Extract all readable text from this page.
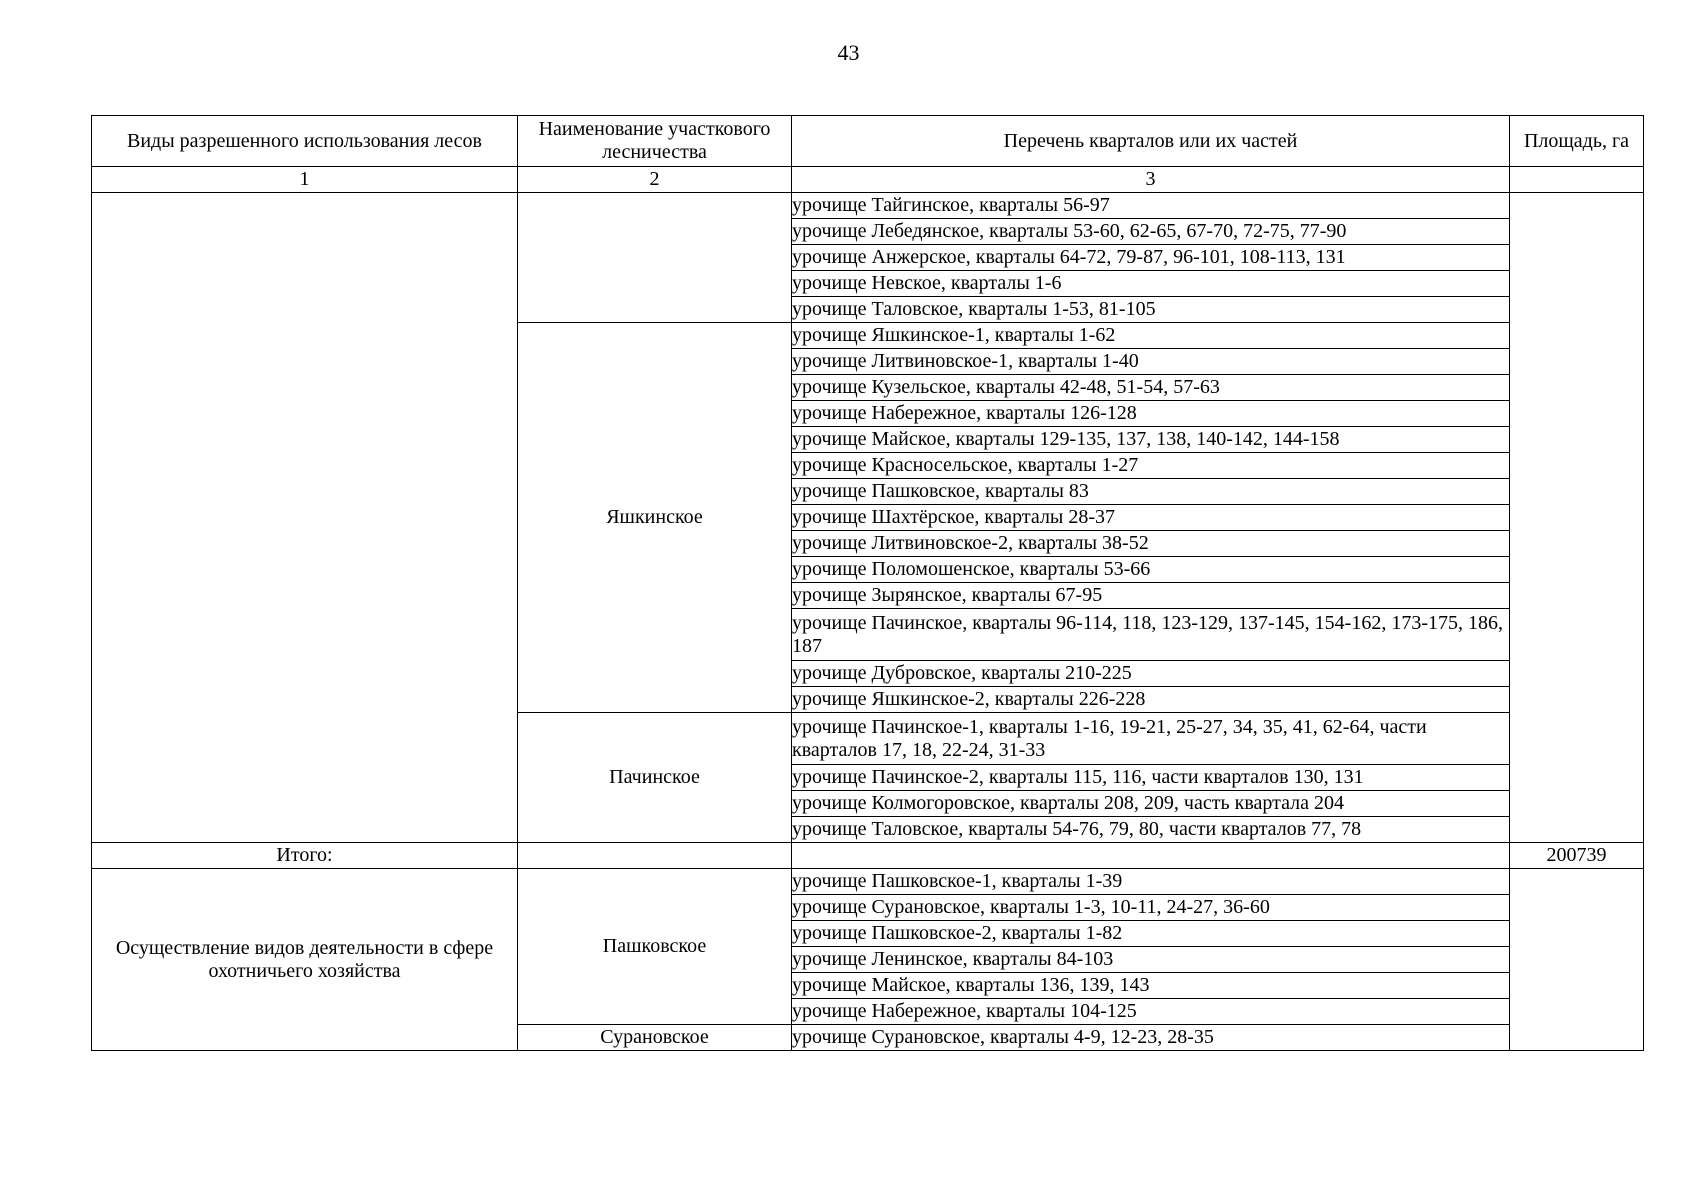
43
Виды разрешенного использования лесов	Наименование участкового лесничества	Перечень кварталов или их частей	Площадь, га
1	2	3	
		урочище Тайгинское, кварталы 56-97	
		урочище Лебедянское, кварталы 53-60, 62-65, 67-70, 72-75, 77-90	
		урочище Анжерское, кварталы 64-72, 79-87, 96-101, 108-113, 131	
		урочище Невское, кварталы 1-6	
		урочище Таловское, кварталы 1-53, 81-105	
	Яшкинское	урочище Яшкинское-1, кварталы 1-62	
		урочище Литвиновское-1, кварталы 1-40	
		урочище Кузельское, кварталы 42-48, 51-54, 57-63	
		урочище Набережное, кварталы 126-128	
		урочище Майское, кварталы 129-135, 137, 138, 140-142, 144-158	
		урочище Красносельское, кварталы 1-27	
		урочище Пашковское, кварталы 83	
		урочище Шахтёрское, кварталы 28-37	
		урочище Литвиновское-2, кварталы 38-52	
		урочище Поломошенское, кварталы 53-66	
		урочище Зырянское, кварталы 67-95	
		урочище Пачинское, кварталы 96-114, 118, 123-129, 137-145, 154-162, 173-175, 186, 187	
		урочище Дубровское, кварталы 210-225	
		урочище Яшкинское-2, кварталы 226-228	
	Пачинское	урочище Пачинское-1, кварталы 1-16, 19-21, 25-27, 34, 35, 41, 62-64, части кварталов 17, 18, 22-24, 31-33	
		урочище Пачинское-2, кварталы 115, 116, части кварталов 130, 131	
		урочище Колмогоровское, кварталы 208, 209, часть квартала 204	
		урочище Таловское, кварталы 54-76, 79, 80, части кварталов 77, 78	
Итого:			200739
Осуществление видов деятельности в сфере охотничьего хозяйства	Пашковское	урочище Пашковское-1, кварталы 1-39	
		урочище Сурановское, кварталы 1-3, 10-11, 24-27, 36-60	
		урочище Пашковское-2, кварталы 1-82	
		урочище Ленинское, кварталы 84-103	
		урочище Майское, кварталы 136, 139, 143	
		урочище Набережное, кварталы 104-125	
	Сурановское	урочище Сурановское, кварталы 4-9, 12-23, 28-35	
